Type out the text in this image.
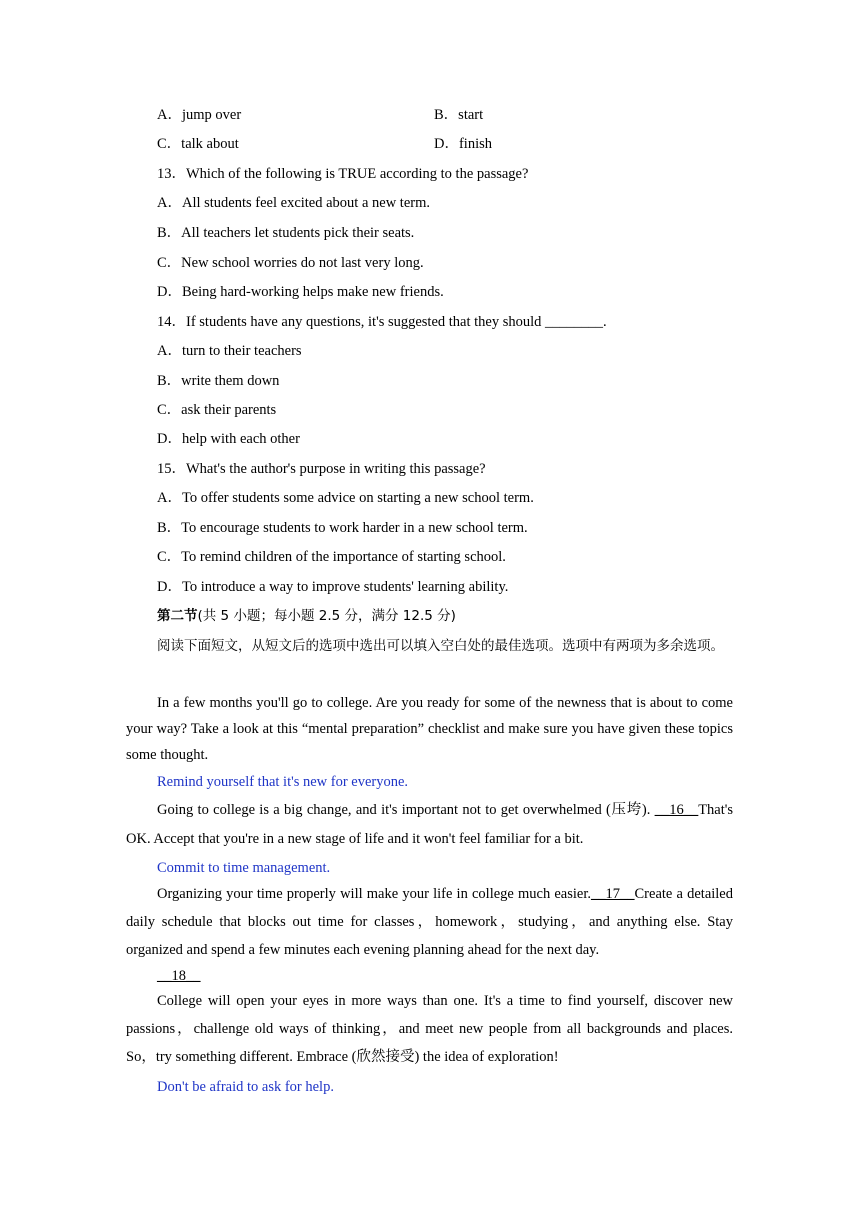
A．jump over	B．start
C．talk about	D．finish
13．Which of the following is TRUE according to the passage?
A．All students feel excited about a new term.
B．All teachers let students pick their seats.
C．New school worries do not last very long.
D．Being hard-working helps make new friends.
14．If students have any questions, it's suggested that they should ________.
A．turn to their teachers
B．write them down
C．ask their parents
D．help with each other
15．What's the author's purpose in writing this passage?
A．To offer students some advice on starting a new school term.
B．To encourage students to work harder in a new school term.
C．To remind children of the importance of starting school.
D．To introduce a way to improve students' learning ability.
第二节(共 5 小题；每小题 2.5 分，满分 12.5 分)
阅读下面短文，从短文后的选项中选出可以填入空白处的最佳选项。选项中有两项为多余选项。
In a few months you'll go to college. Are you ready for some of the newness that is about to come your way? Take a look at this “mental preparation” checklist and make sure you have given these topics some thought.
Remind yourself that it's new for everyone.
Going to college is a big change, and it's important not to get overwhelmed (压垮). __16__That's OK. Accept that you're in a new stage of life and it won't feel familiar for a bit.
Commit to time management.
Organizing your time properly will make your life in college much easier.__17__Create a detailed daily schedule that blocks out time for classes，homework，studying，and anything else. Stay organized and spend a few minutes each evening planning ahead for the next day.
__18__
College will open your eyes in more ways than one. It's a time to find yourself, discover new passions，challenge old ways of thinking，and meet new people from all backgrounds and places. So，try something different. Embrace (欣然接受) the idea of exploration!
Don't be afraid to ask for help.
